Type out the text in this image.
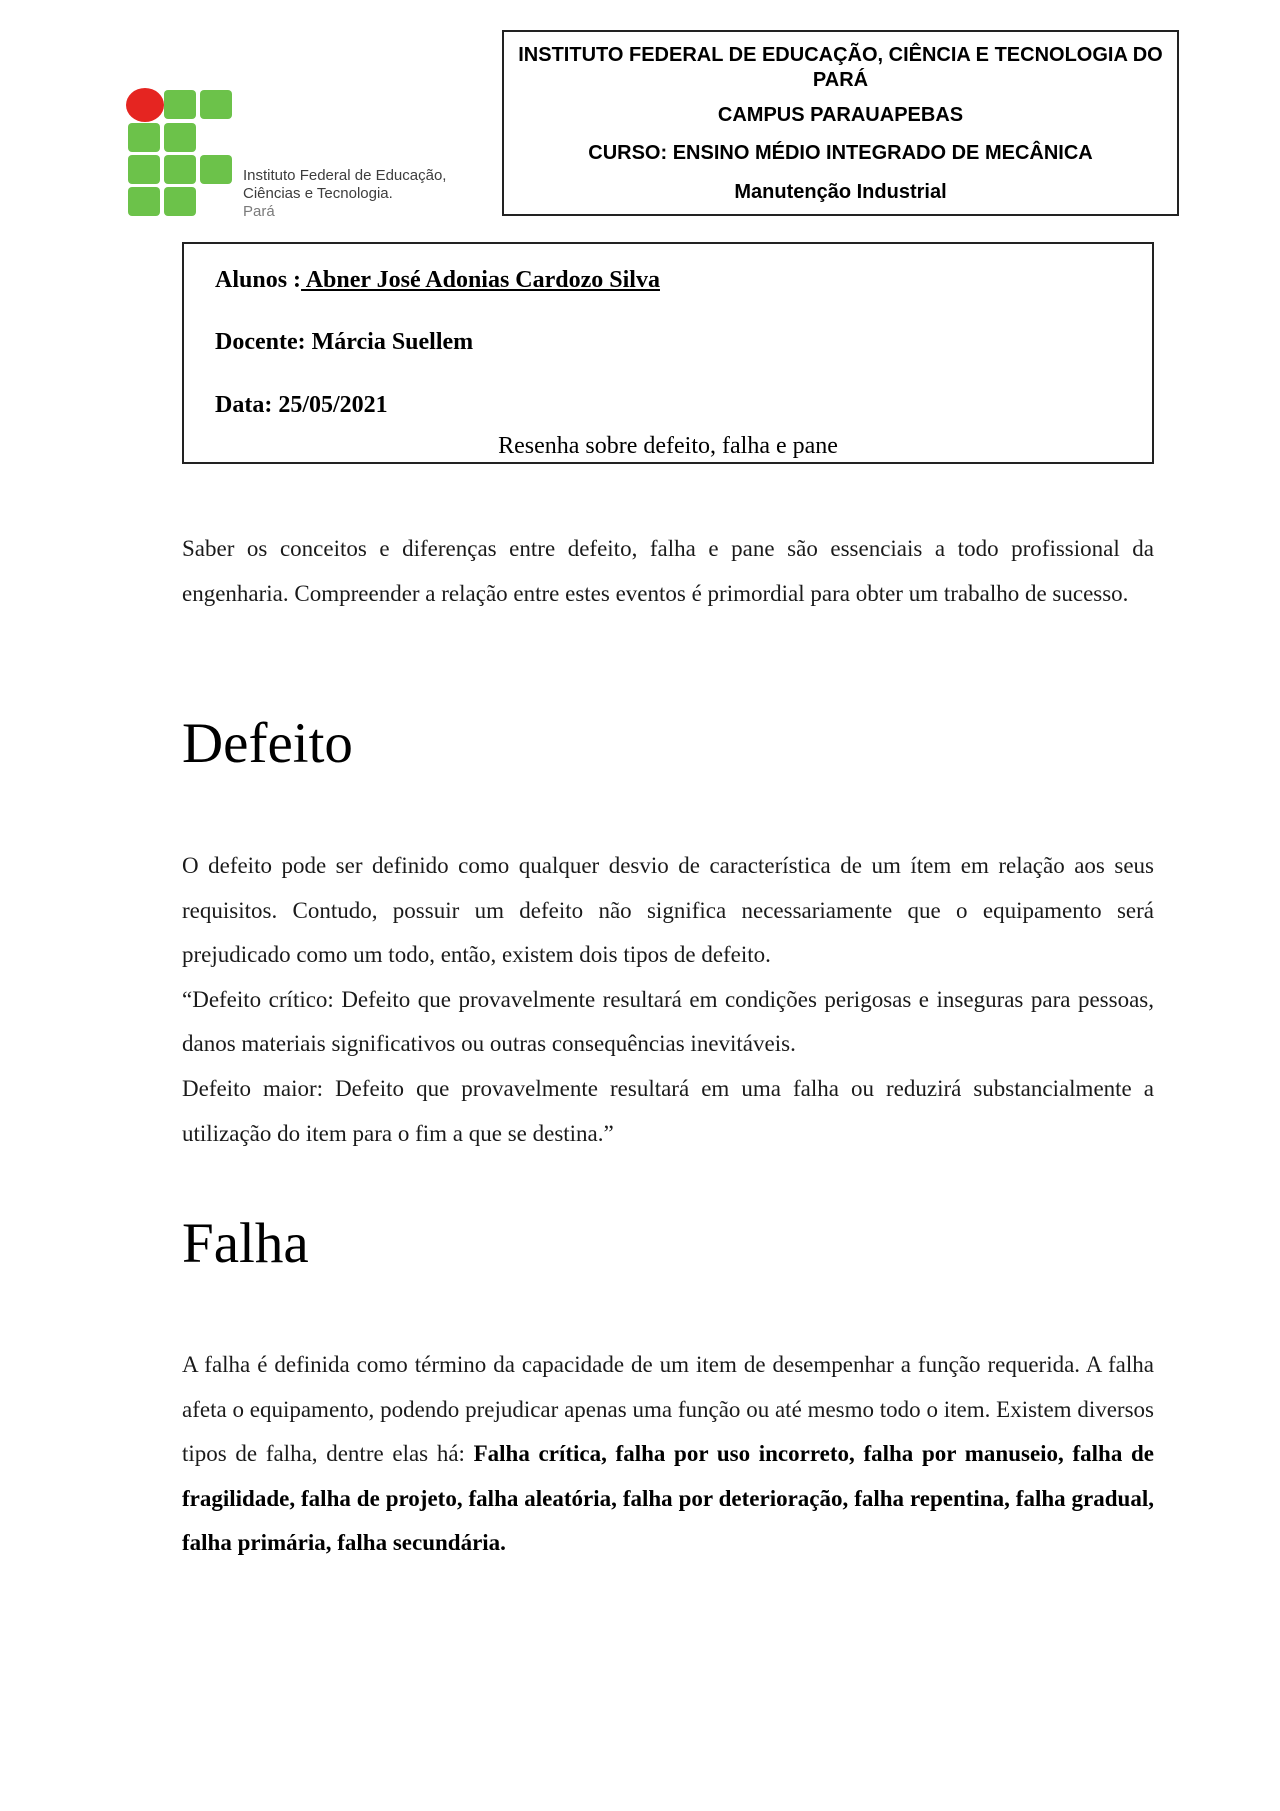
Instituto Federal de Educação,
Ciências e Tecnologia.
Pará
INSTITUTO FEDERAL DE EDUCAÇÃO, CIÊNCIA E TECNOLOGIA DO PARÁ
CAMPUS PARAUAPEBAS
CURSO: ENSINO MÉDIO INTEGRADO DE MECÂNICA
Manutenção Industrial
Alunos : Abner José Adonias Cardozo Silva
Docente: Márcia Suellem
Data: 25/05/2021
Resenha sobre defeito, falha e pane

Saber os conceitos e diferenças entre defeito, falha e pane são essenciais a todo profissional da engenharia. Compreender a relação entre estes eventos é primordial para obter um trabalho de sucesso.

Defeito
O defeito pode ser definido como qualquer desvio de característica de um ítem em relação aos seus requisitos. Contudo, possuir um defeito não significa necessariamente que o equipamento será prejudicado como um todo, então, existem dois tipos de defeito.
“Defeito crítico: Defeito que provavelmente resultará em condições perigosas e inseguras para pessoas, danos materiais significativos ou outras consequências inevitáveis.
Defeito maior: Defeito que provavelmente resultará em uma falha ou reduzirá substancialmente a utilização do item para o fim a que se destina.”
Falha

A falha é definida como término da capacidade de um item de desempenhar a função requerida. A falha afeta o equipamento, podendo prejudicar apenas uma função ou até mesmo todo o item. Existem diversos tipos de falha, dentre elas há: Falha crítica, falha por uso incorreto, falha por manuseio, falha de fragilidade, falha de projeto, falha aleatória, falha por deterioração, falha repentina, falha gradual, falha primária, falha secundária.
